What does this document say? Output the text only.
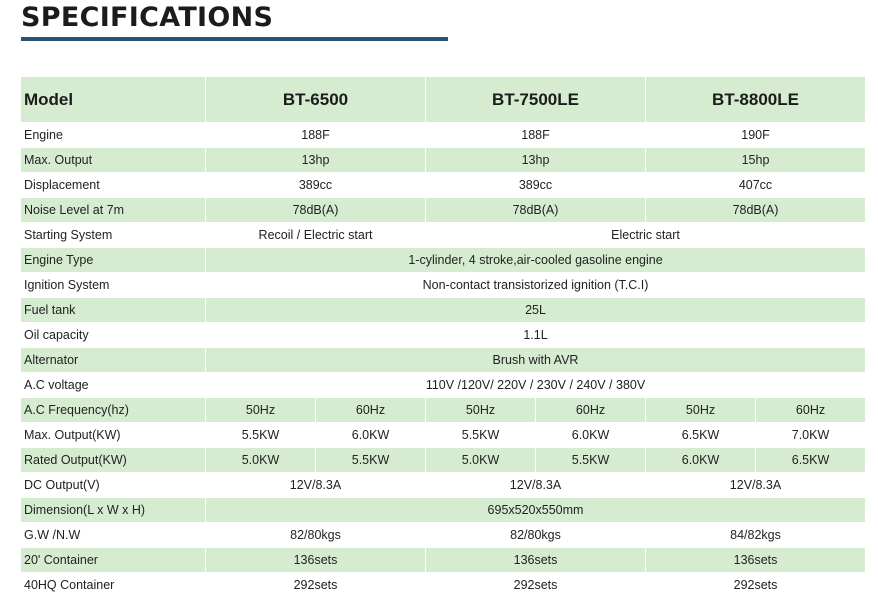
SPECIFICATIONS
Model	BT-6500		BT-7500LE		BT-8800LE	
Engine	188F		188F		190F	
Max. Output	13hp		13hp		15hp	
Displacement	389cc		389cc		407cc	
Noise Level at 7m	78dB(A)		78dB(A)		78dB(A)	
Starting System	Recoil / Electric start		Electric start			
Engine Type	1-cylinder, 4 stroke,air-cooled gasoline engine					
Ignition System	Non-contact transistorized ignition (T.C.I)					
Fuel tank	25L					
Oil capacity	1.1L					
Alternator	Brush with AVR					
A.C voltage	110V /120V/ 220V / 230V / 240V / 380V					
A.C Frequency(hz)	50Hz	60Hz	50Hz	60Hz	50Hz	60Hz
Max. Output(KW)	5.5KW	6.0KW	5.5KW	6.0KW	6.5KW	7.0KW
Rated Output(KW)	5.0KW	5.5KW	5.0KW	5.5KW	6.0KW	6.5KW
DC Output(V)	12V/8.3A		12V/8.3A		12V/8.3A	
Dimension(L x W x H)	695x520x550mm					
G.W /N.W	82/80kgs		82/80kgs		84/82kgs	
20' Container	136sets		136sets		136sets	
40HQ Container	292sets		292sets		292sets	
